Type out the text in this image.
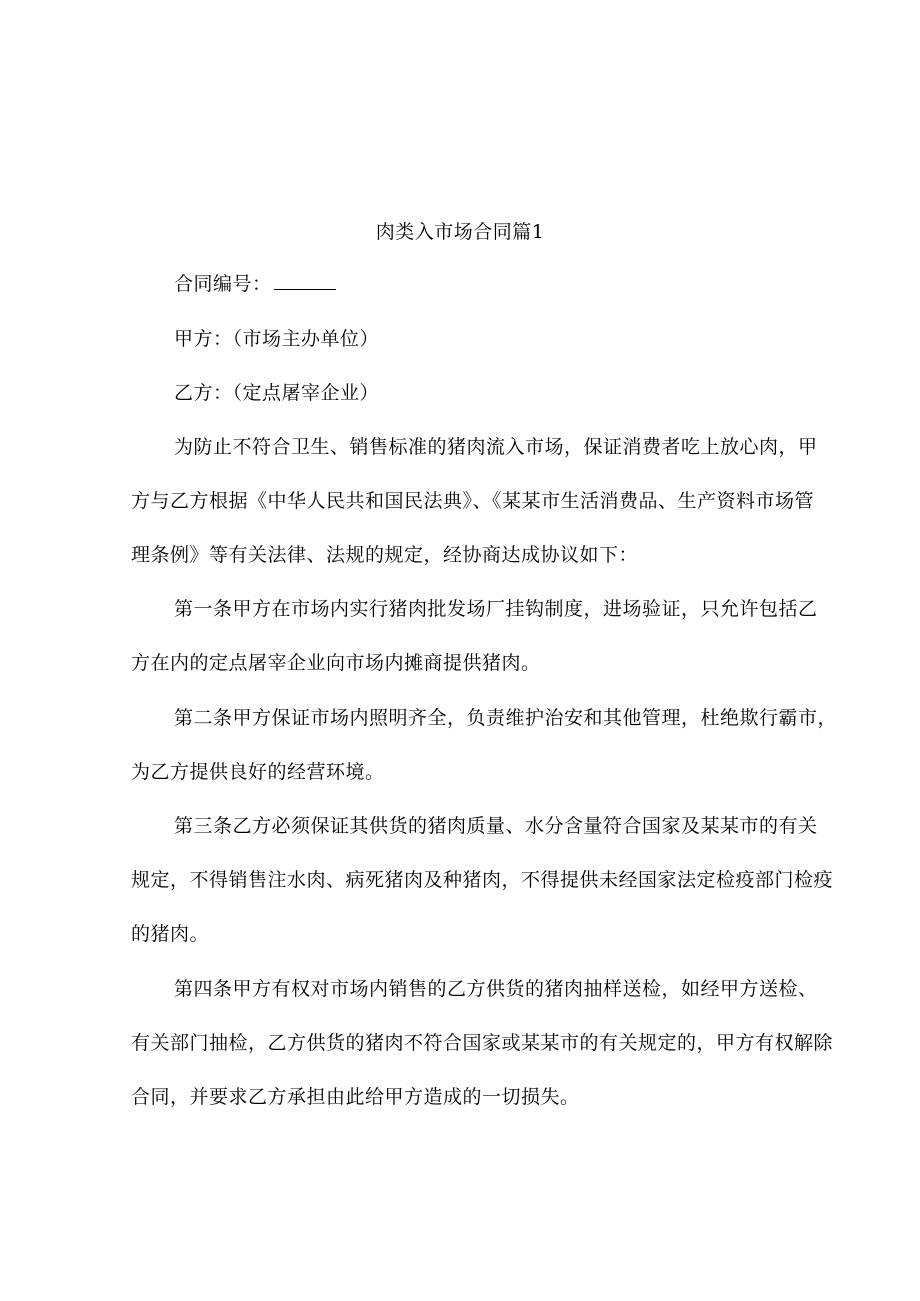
肉类入市场合同篇1
合同编号：
甲方：（市场主办单位）
乙方：（定点屠宰企业）
为防止不符合卫生、销售标准的猪肉流入市场，保证消费者吃上放心肉，甲
方与乙方根据《中华人民共和国民法典》、《某某市生活消费品、生产资料市场管
理条例》等有关法律、法规的规定，经协商达成协议如下：
第一条甲方在市场内实行猪肉批发场厂挂钩制度，进场验证，只允许包括乙
方在内的定点屠宰企业向市场内摊商提供猪肉。
第二条甲方保证市场内照明齐全，负责维护治安和其他管理，杜绝欺行霸市，
为乙方提供良好的经营环境。
第三条乙方必须保证其供货的猪肉质量、水分含量符合国家及某某市的有关
规定，不得销售注水肉、病死猪肉及种猪肉，不得提供未经国家法定检疫部门检疫
的猪肉。
第四条甲方有权对市场内销售的乙方供货的猪肉抽样送检，如经甲方送检、
有关部门抽检，乙方供货的猪肉不符合国家或某某市的有关规定的，甲方有权解除
合同，并要求乙方承担由此给甲方造成的一切损失。
